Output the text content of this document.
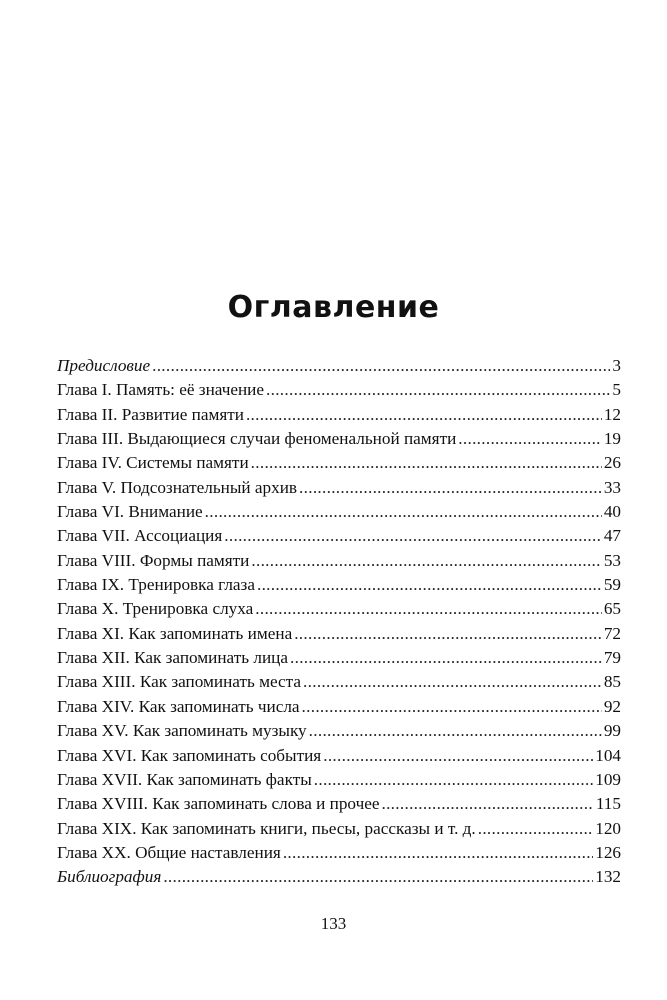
Оглавление
Предисловие .....	3
Глава I. Память: её значение .....	5
Глава II. Развитие памяти .....	12
Глава III. Выдающиеся случаи феноменальной памяти .....	19
Глава IV. Системы памяти .....	26
Глава V. Подсознательный архив .....	33
Глава VI. Внимание .....	40
Глава VII. Ассоциация .....	47
Глава VIII. Формы памяти .....	53
Глава IX. Тренировка глаза .....	59
Глава X. Тренировка слуха .....	65
Глава XI. Как запоминать имена .....	72
Глава XII. Как запоминать лица .....	79
Глава XIII. Как запоминать места .....	85
Глава XIV. Как запоминать числа .....	92
Глава XV. Как запоминать музыку .....	99
Глава XVI. Как запоминать события .....	104
Глава XVII. Как запоминать факты .....	109
Глава XVIII. Как запоминать слова и прочее .....	115
Глава XIX. Как запоминать книги, пьесы, рассказы и т. д. .....	120
Глава XX. Общие наставления .....	126
Библиография .....	132
133
